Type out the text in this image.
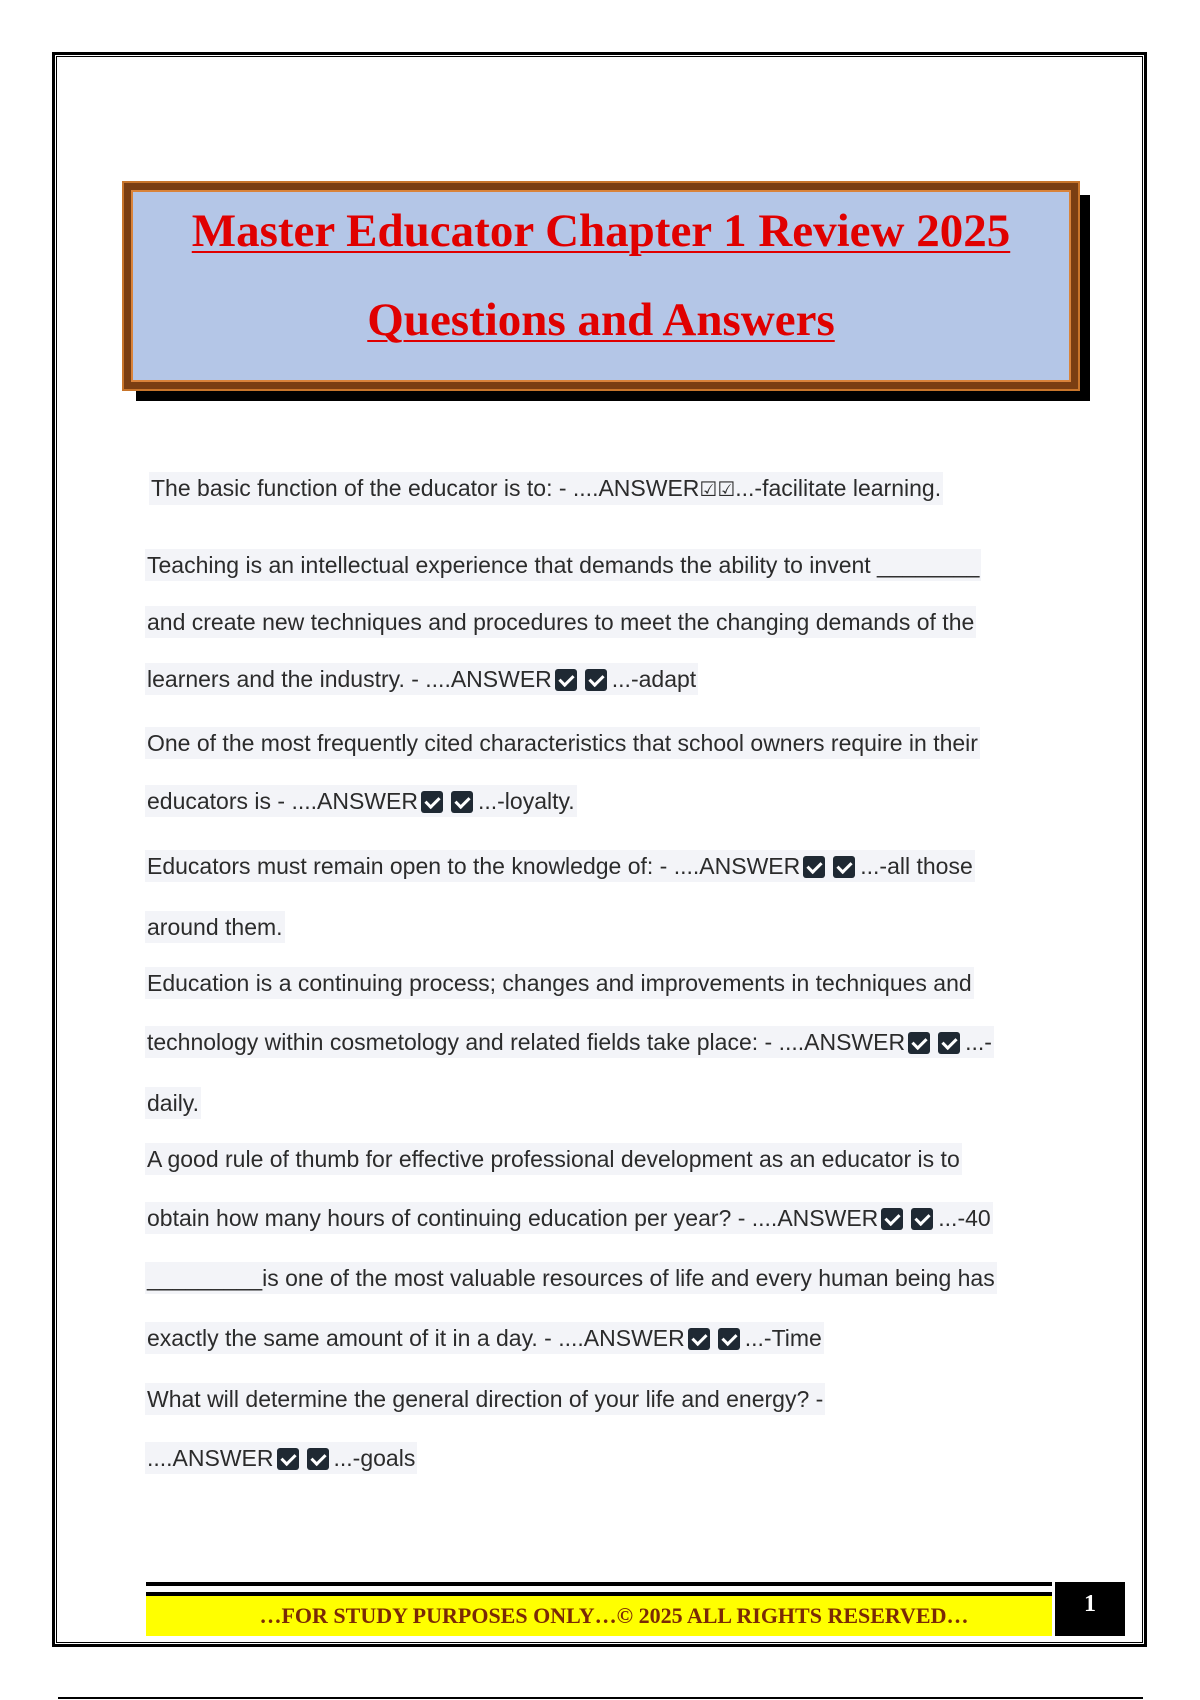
Master Educator Chapter 1 Review 2025
Questions and Answers
The basic function of the educator is to: - ....ANSWER☑☑...-facilitate learning.
Teaching is an intellectual experience that demands the ability to invent ________
and create new techniques and procedures to meet the changing demands of the
learners and the industry. - ....ANSWER	...-adapt
One of the most frequently cited characteristics that school owners require in their
educators is - ....ANSWER	...-loyalty.
Educators must remain open to the knowledge of: - ....ANSWER	...-all those
around them.
Education is a continuing process; changes and improvements in techniques and
technology within cosmetology and related fields take place: - ....ANSWER	...-
daily.
A good rule of thumb for effective professional development as an educator is to
obtain how many hours of continuing education per year? - ....ANSWER	...-40
_________is one of the most valuable resources of life and every human being has
exactly the same amount of it in a day. - ....ANSWER	...-Time
What will determine the general direction of your life and energy? -
....ANSWER	...-goals
…FOR STUDY PURPOSES ONLY…© 2025 ALL RIGHTS RESERVED…	1
